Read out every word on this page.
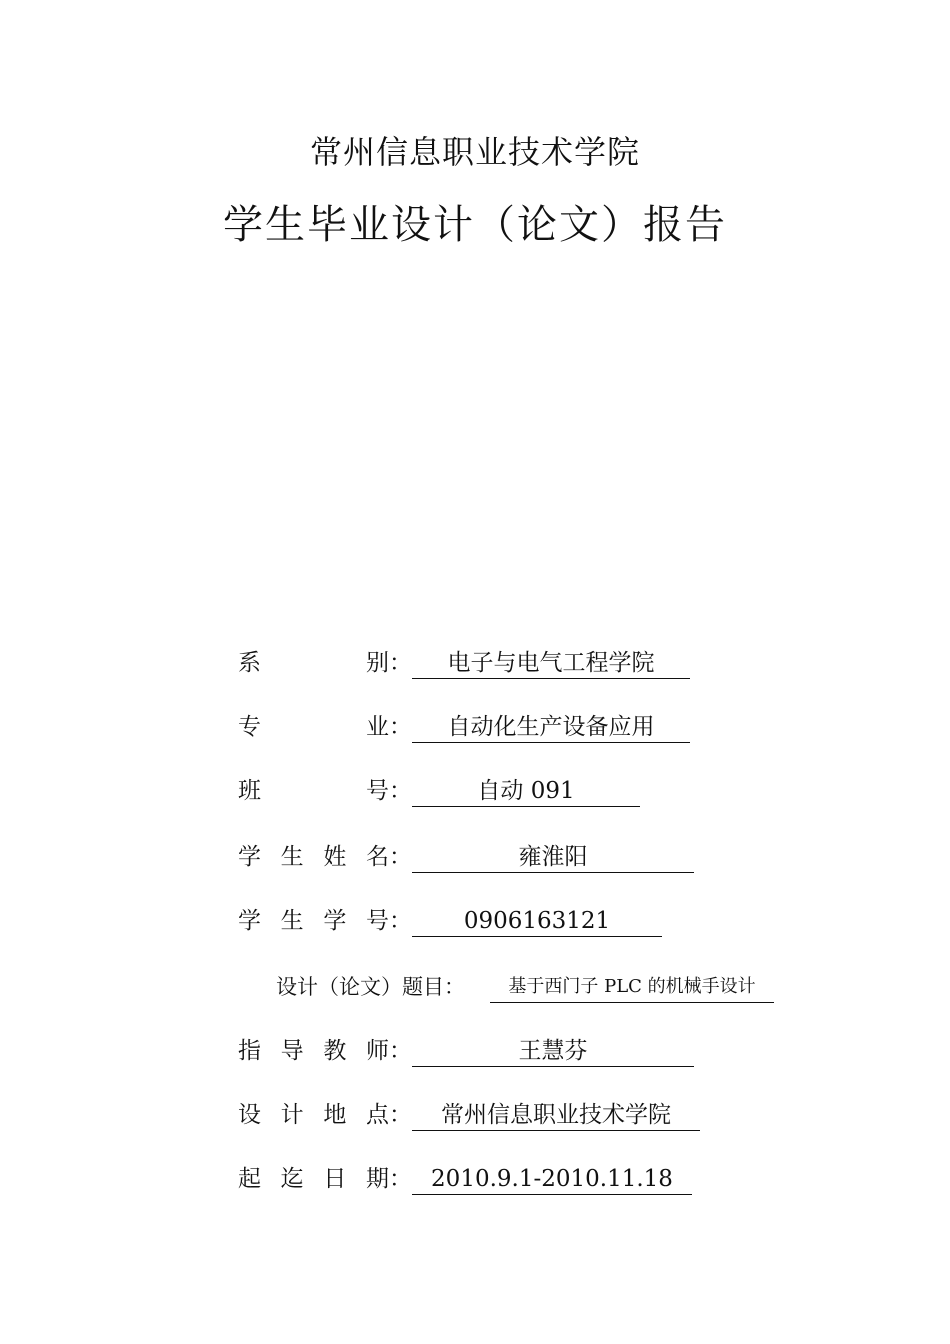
常州信息职业技术学院
学生毕业设计（论文）报告
系	别：	电子与电气工程学院
专	业：	自动化生产设备应用
班	号：	自动 091
学 生 姓 名：	雍淮阳
学 生 学 号：	0906163121
设计（论文）题目：	基于西门子 PLC 的机械手设计
指 导 教 师：	王慧芬
设 计 地 点：	常州信息职业技术学院
起 迄 日 期： 2010.9.1-2010.11.18
